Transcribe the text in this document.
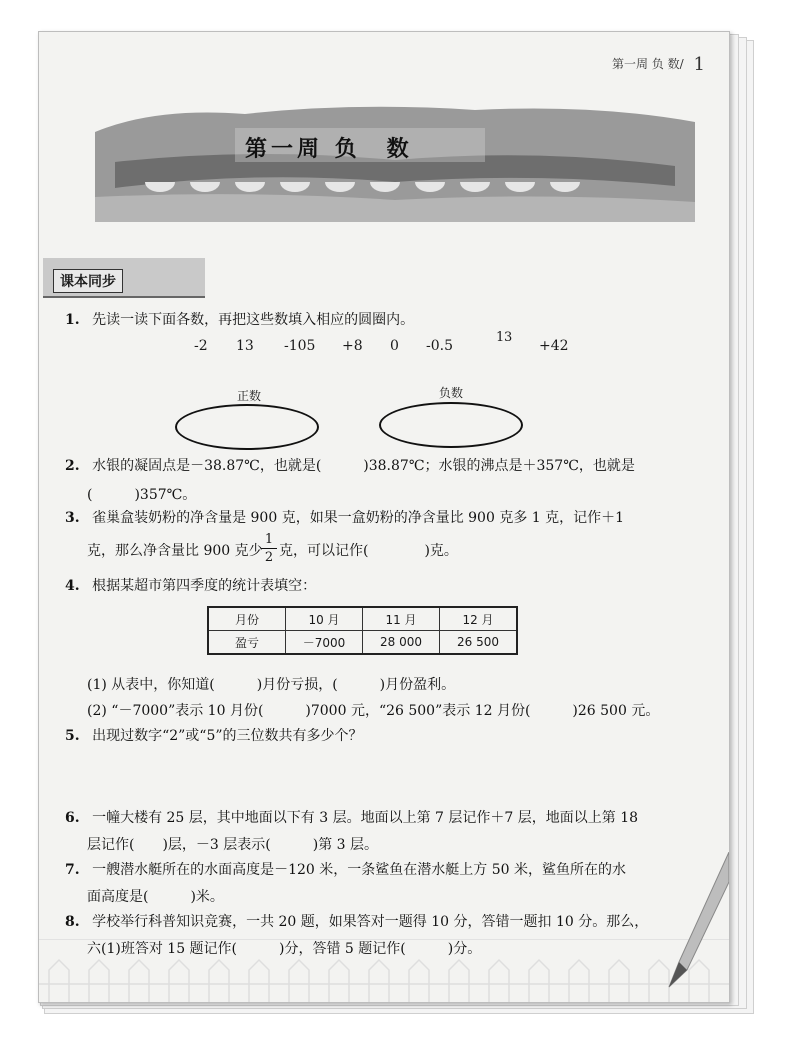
第一周 负 数/ 1
第一周 负　数
课本同步
1. 先读一读下面各数，再把这些数填入相应的圆圈内。
-2 13 -105 +8 0 -0.5
1 3
+42
正数	负数
2. 水银的凝固点是－38.87℃，也就是(　　　)38.87℃；水银的沸点是＋357℃，也就是
(　　　)357℃。
3. 雀巢盒装奶粉的净含量是 900 克，如果一盒奶粉的净含量比 900 克多 1 克，记作＋1
克，那么净含量比 900 克少
1
2 克，可以记作(　　　　)克。
4. 根据某超市第四季度的统计表填空：
月份	10 月	11 月	12 月
盈亏	－7000	28 000	26 500
(1) 从表中，你知道(　　　)月份亏损，(　　　)月份盈利。
(2) “－7000”表示 10 月份(　　　)7000 元，“26 500”表示 12 月份(　　　)26 500 元。
5. 出现过数字“2”或“5”的三位数共有多少个？
6. 一幢大楼有 25 层，其中地面以下有 3 层。地面以上第 7 层记作＋7 层，地面以上第 18
层记作(　　)层，－3 层表示(　　　)第 3 层。
7. 一艘潜水艇所在的水面高度是－120 米，一条鲨鱼在潜水艇上方 50 米，鲨鱼所在的水
面高度是(　　　)米。
8. 学校举行科普知识竞赛，一共 20 题，如果答对一题得 10 分，答错一题扣 10 分。那么，
六(1)班答对 15 题记作(　　　)分，答错 5 题记作(　　　)分。
